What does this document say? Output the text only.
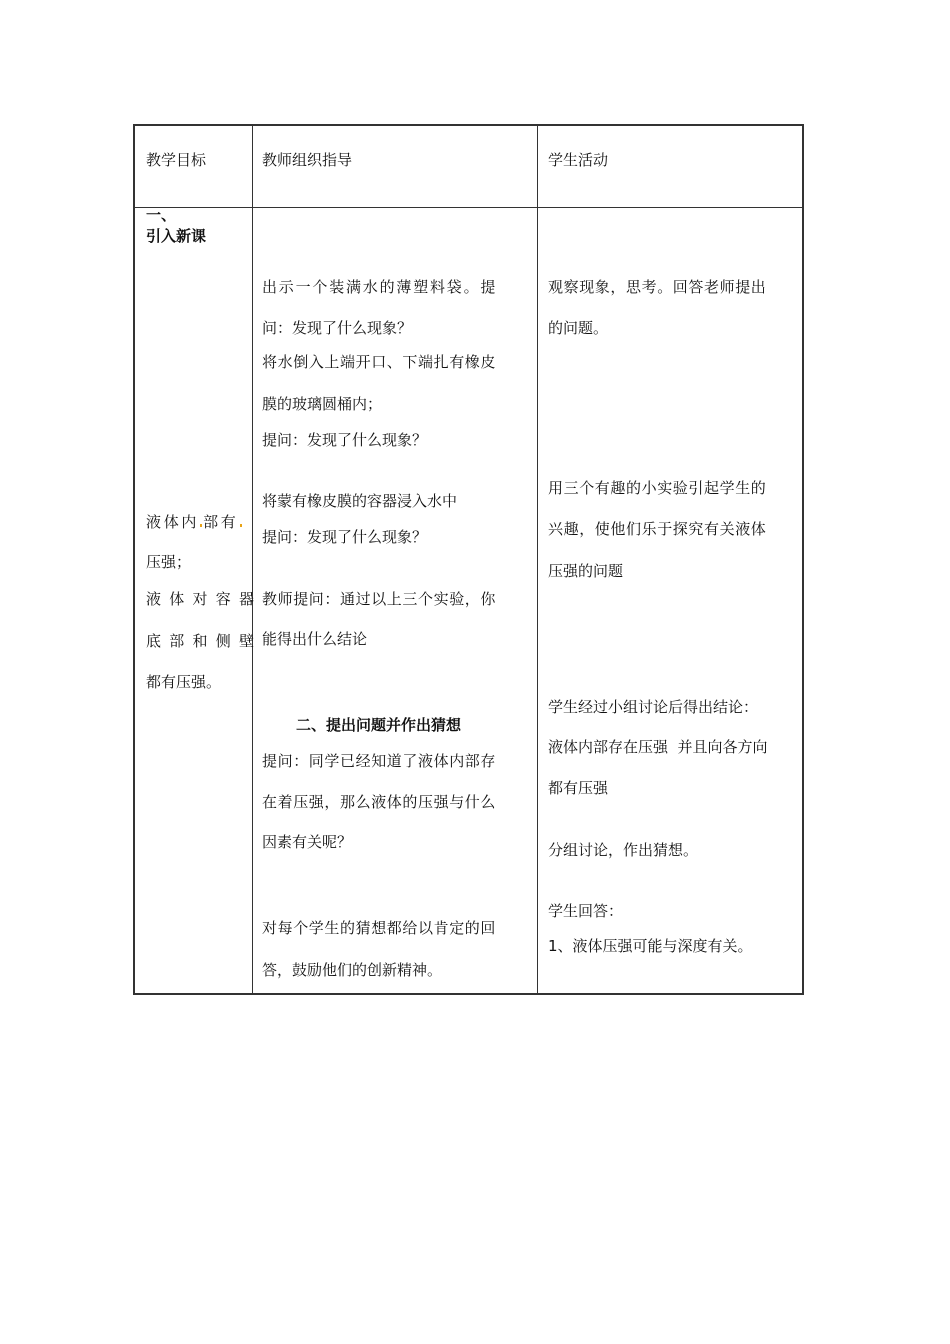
教学目标	教师组织指导	学生活动
一、
引入新课
液体内 部有
压强；
液体对容器
底部和侧壁
都有压强。
出示一个装满水的薄塑料袋。提
问：发现了什么现象？
将水倒入上端开口、下端扎有橡皮
膜的玻璃圆桶内；
提问：发现了什么现象？
将蒙有橡皮膜的容器浸入水中
提问：发现了什么现象？
教师提问：通过以上三个实验，你
能得出什么结论
二、提出问题并作出猜想
提问：同学已经知道了液体内部存
在着压强，那么液体的压强与什么
因素有关呢？
对每个学生的猜想都给以肯定的回
答，鼓励他们的创新精神。
观察现象，思考。回答老师提出
的问题。
用三个有趣的小实验引起学生的
兴趣，使他们乐于探究有关液体
压强的问题
学生经过小组讨论后得出结论：
液体内部存在压强  并且向各方向
都有压强
分组讨论，作出猜想。
学生回答：
1、液体压强可能与深度有关。
